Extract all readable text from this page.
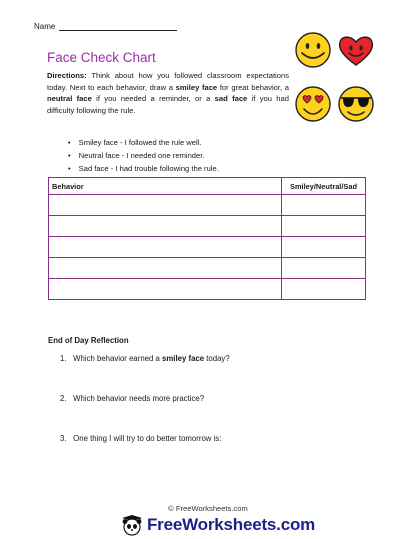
Name
Face Check Chart

Directions: Think about how you followed classroom expectations today. Next to each behavior, draw a smiley face for great behavior, a neutral face if you needed a reminder, or a sad face if you had difficulty following the rule.

• Smiley face - I followed the rule well.
• Neutral face - I needed one reminder.
• Sad face - I had trouble following the rule.
Behavior	Smiley/Neutral/Sad

End of Day Reflection

1. Which behavior earned a smiley face today?
2. Which behavior needs more practice?
3. One thing I will try to do better tomorrow is:
© FreeWorksheets.com
FreeWorksheets.com
